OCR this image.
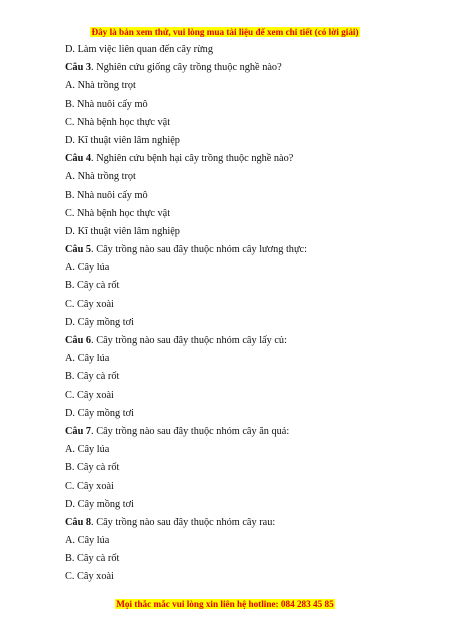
Đây là bản xem thử, vui lòng mua tài liệu để xem chi tiết (có lời giải)
D. Làm việc liên quan đến cây rừng
Câu 3. Nghiên cứu giống cây trồng thuộc nghề nào?
A. Nhà trồng trọt
B. Nhà nuôi cấy mô
C. Nhà bệnh học thực vật
D. Kĩ thuật viên lâm nghiệp
Câu 4. Nghiên cứu bệnh hại cây trồng thuộc nghề nào?
A. Nhà trồng trọt
B. Nhà nuôi cấy mô
C. Nhà bệnh học thực vật
D. Kĩ thuật viên lâm nghiệp
Câu 5. Cây trồng nào sau đây thuộc nhóm cây lương thực:
A. Cây lúa
B. Cây cà rốt
C. Cây xoài
D. Cây mồng tơi
Câu 6. Cây trồng nào sau đây thuộc nhóm cây lấy củ:
A. Cây lúa
B. Cây cà rốt
C. Cây xoài
D. Cây mồng tơi
Câu 7. Cây trồng nào sau đây thuộc nhóm cây ăn quả:
A. Cây lúa
B. Cây cà rốt
C. Cây xoài
D. Cây mồng tơi
Câu 8. Cây trồng nào sau đây thuộc nhóm cây rau:
A. Cây lúa
B. Cây cà rốt
C. Cây xoài
Mọi thắc mắc vui lòng xin liên hệ hotline: 084 283 45 85
